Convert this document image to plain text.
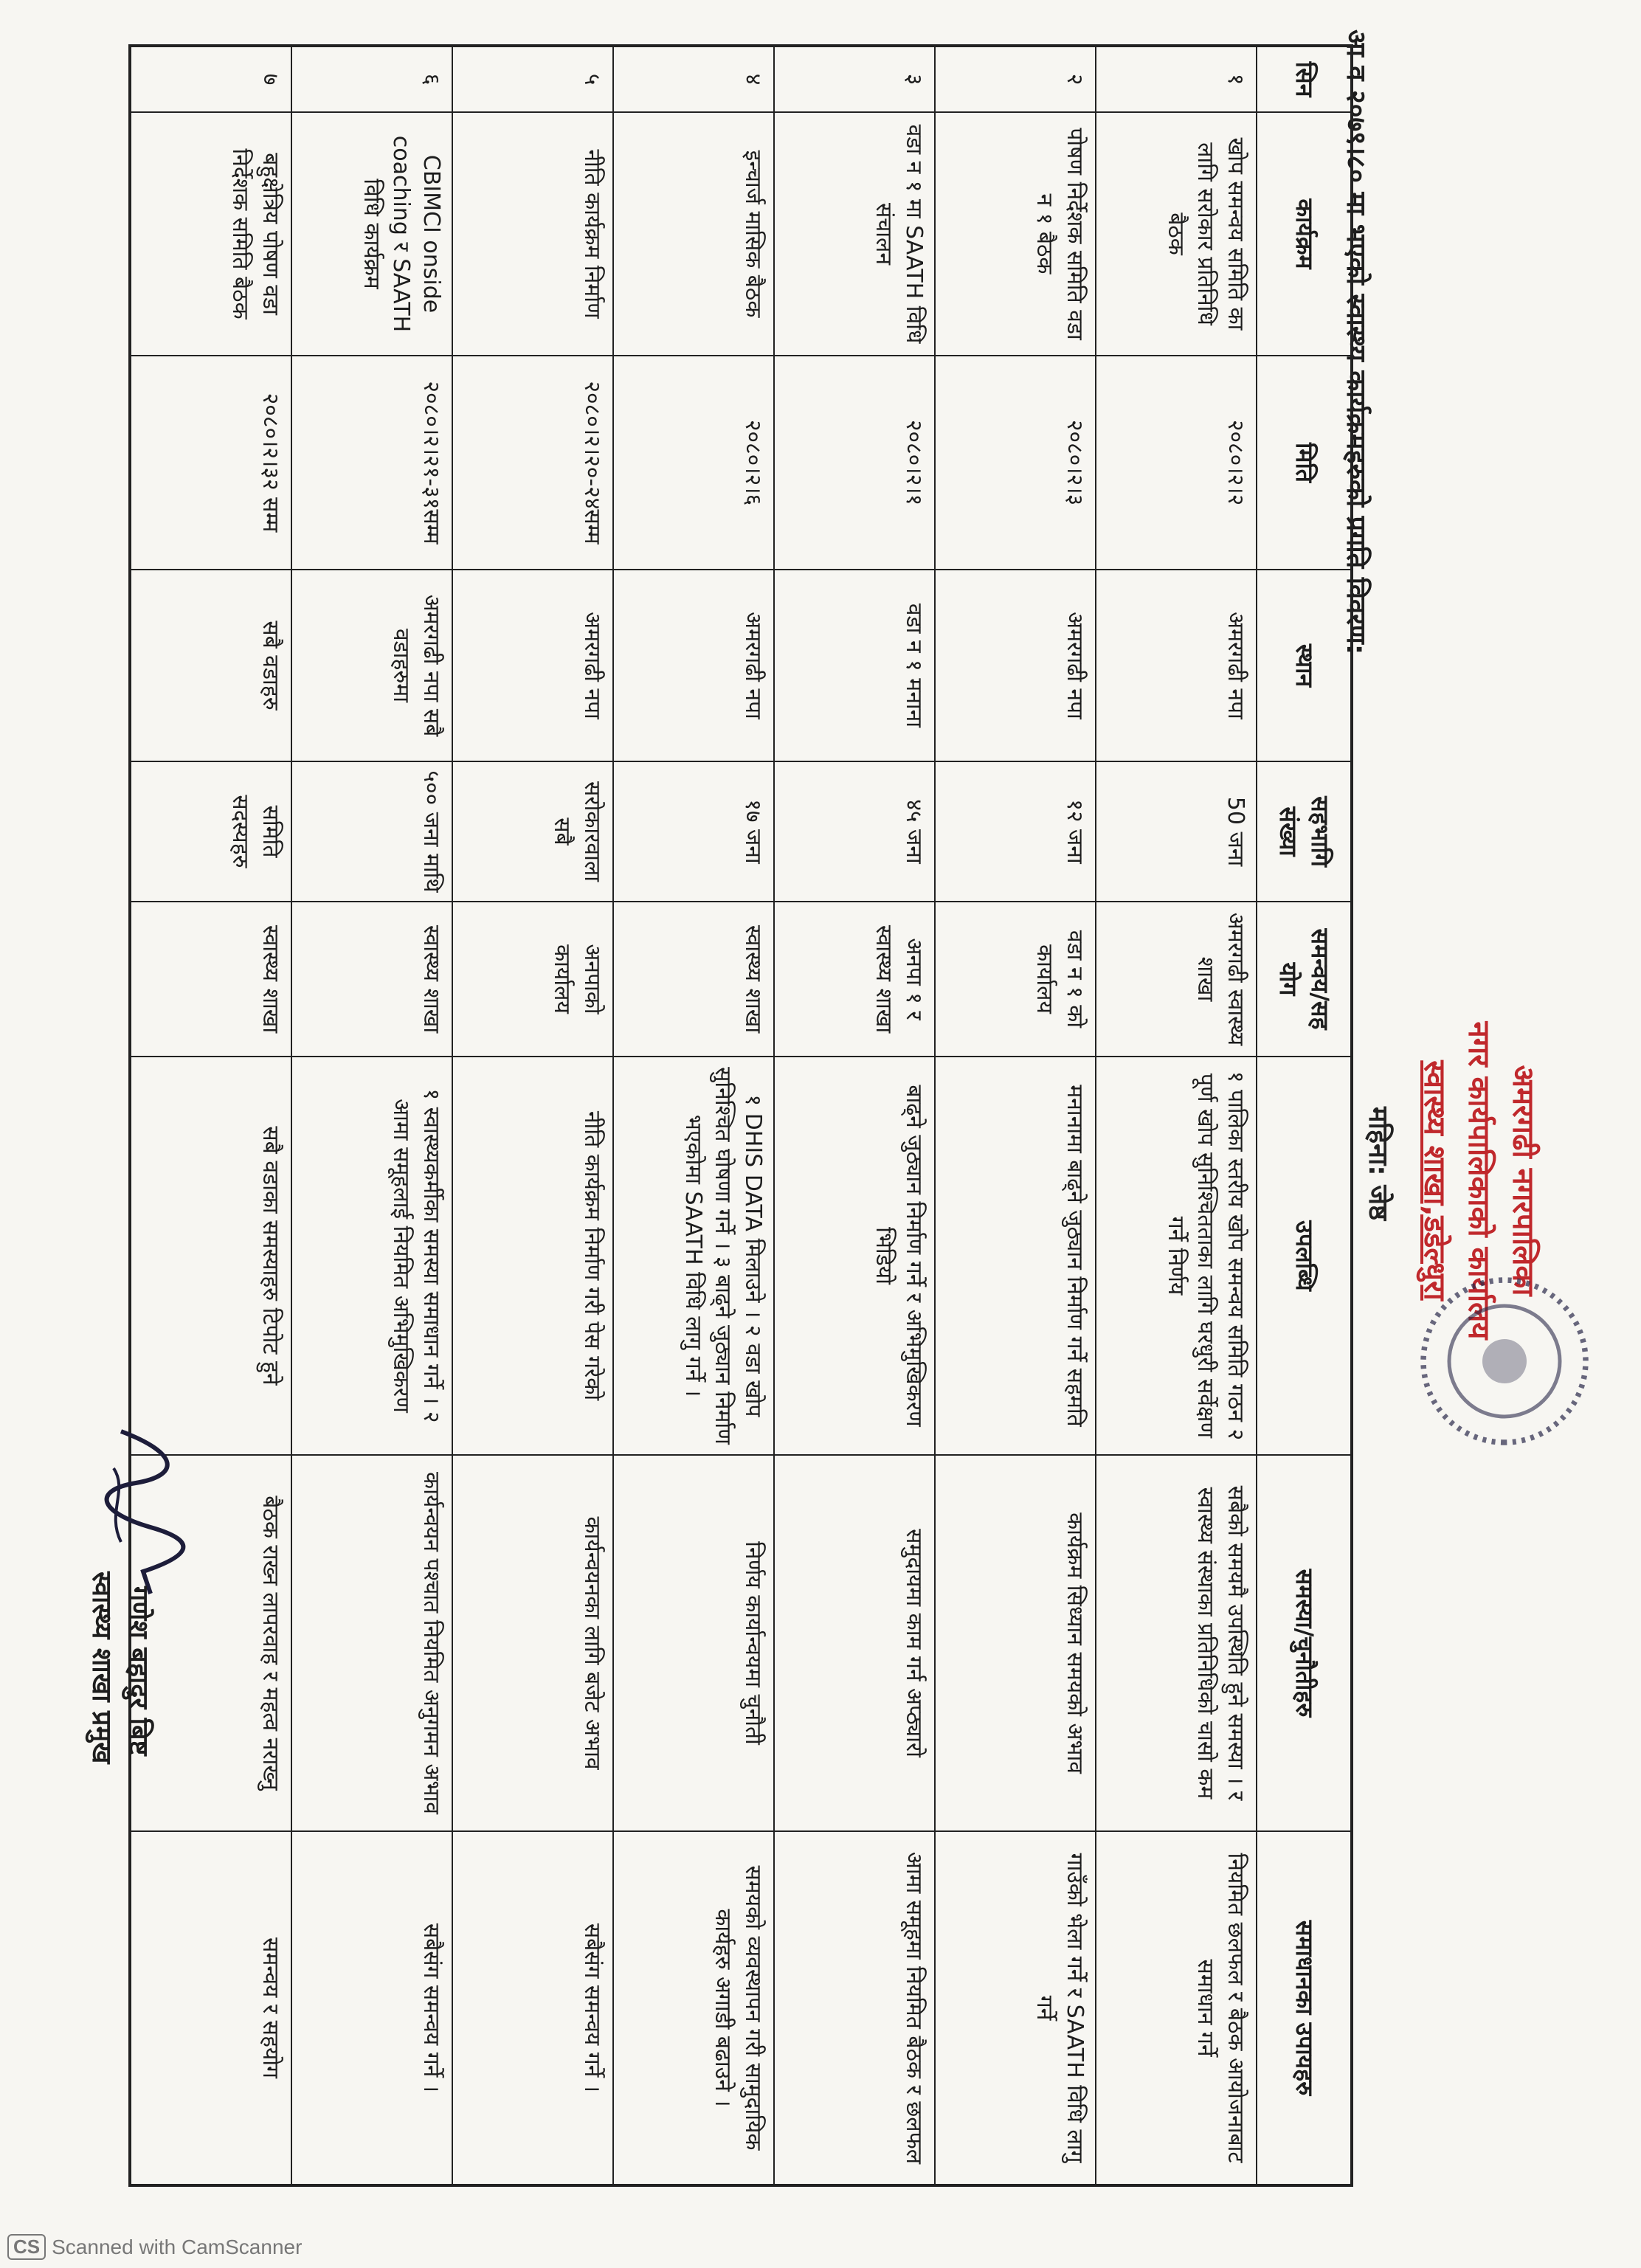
अमरगढी नगरपालिका
नगर कार्यपालिकाको कार्यालय
स्वास्थ्य शाखा,डडेल्धुरा
महिना: जेष्ठ
आ व २०७९।८० मा भएको स्वास्थ्य कार्यक्रमहरुको प्रगति विवरण:
सिन	कार्यक्रम	मिति	स्थान	सहभागि संख्या	समन्वय/सह योग	उपलब्धि	समस्या/चुनौतीहरु	समाधानका उपायहरु
१	खोप समन्वय समिति का लागि सरोकार प्रतिनिधि बैठक	२०८०।२।२	अमरगढी नपा	50 जना	अमरगढी स्वास्थ्य शाखा	१ पालिका स्तरीय खोप समन्वय समिति गठन २ पूर्ण खोप सुनिश्चितताका लागि घरधुरी सर्वेक्षण गर्ने निर्णय	सबैको समयमै उपस्थिति हुने समस्या । र स्वास्थ्य संस्थाका प्रतिनिधिको चासो कम	नियमित छलफल र बैठक आयोजनाबाट समाधान गर्ने
२	पोषण निर्देशक समिति वडा न १ बैठक	२०८०।२।३	अमरगढी नपा	१२ जना	वडा न १ को कार्यालय	मनानामा बाढ्ने जुठ्यान निर्माण गर्ने सहमति	कार्यक्रम सिध्यान समयको अभाव	गाउँको भेला गर्ने र SAATH विधि लागु गर्ने
३	वडा न १ मा SAATH विधि संचालन	२०८०।२।१	वडा न १ मनाना	४५ जना	अनपा १ र स्वास्थ्य शाखा	बाढ्ने जुठ्यान निर्माण गर्ने र अभिमुखिकरण भिडियो	समुदायमा काम गर्न अप्ठ्यारो	आमा समूहमा नियमित बैठक र छलफल
४	इन्चार्ज मासिक बैठक	२०८०।२।६	अमरगढी नपा	१७ जना	स्वास्थ्य शाखा	१ DHIS DATA मिलाउने । २ वडा खोप सुनिश्चित घोषणा गर्ने । ३ बाढ्ने जुठ्यान निर्माण भएकोमा SAATH विधि लागु गर्ने ।	निर्णय कार्यान्वयमा चुनौती	समयको व्यवस्थापन गरी सामुदायिक कार्यहरु अगाडी बढाउने ।
५	नीति कार्यक्रम निर्माण	२०८०।२।२०-२४सम्म	अमरगढी नपा	सरोकारवाला सबै	अनपाको कार्यालय	नीति कार्यक्रम निर्माण गरी पेस गरेको	कार्यन्वयनका लागि बजेट अभाव	सबैसंग समन्वय गर्ने ।
६	CBIMCI onside coaching र SAATH विधि कार्यक्रम	२०८०।२।२१-३१सम्म	अमरगढी नपा सबै वडाहरुमा	५०० जना माथि	स्वास्थ्य शाखा	१ स्वास्थ्यकर्मीका समस्या समाधान गर्ने । २ आमा समूहलाई नियमित अभिमुखिकरण	कार्यन्वयन पश्चात नियमित अनुगमन अभाव	सबैसंग समन्वय गर्ने ।
७	बहुक्षेत्रिय पोषण वडा निर्देशक समिति बैठक	२०८०।२।३२ सम्म	सबै वडाहरु	समिति सदस्यहरु	स्वास्थ्य शाखा	सबै वडाका समस्याहरु टिपोट हुने	बैठक राख्न लापरवाह र महत्व नराख्नु	समन्वय र सहयोग
गणेश बहादुर बिष्ट
स्वास्थ्य शाखा प्रमुख
CS Scanned with CamScanner
